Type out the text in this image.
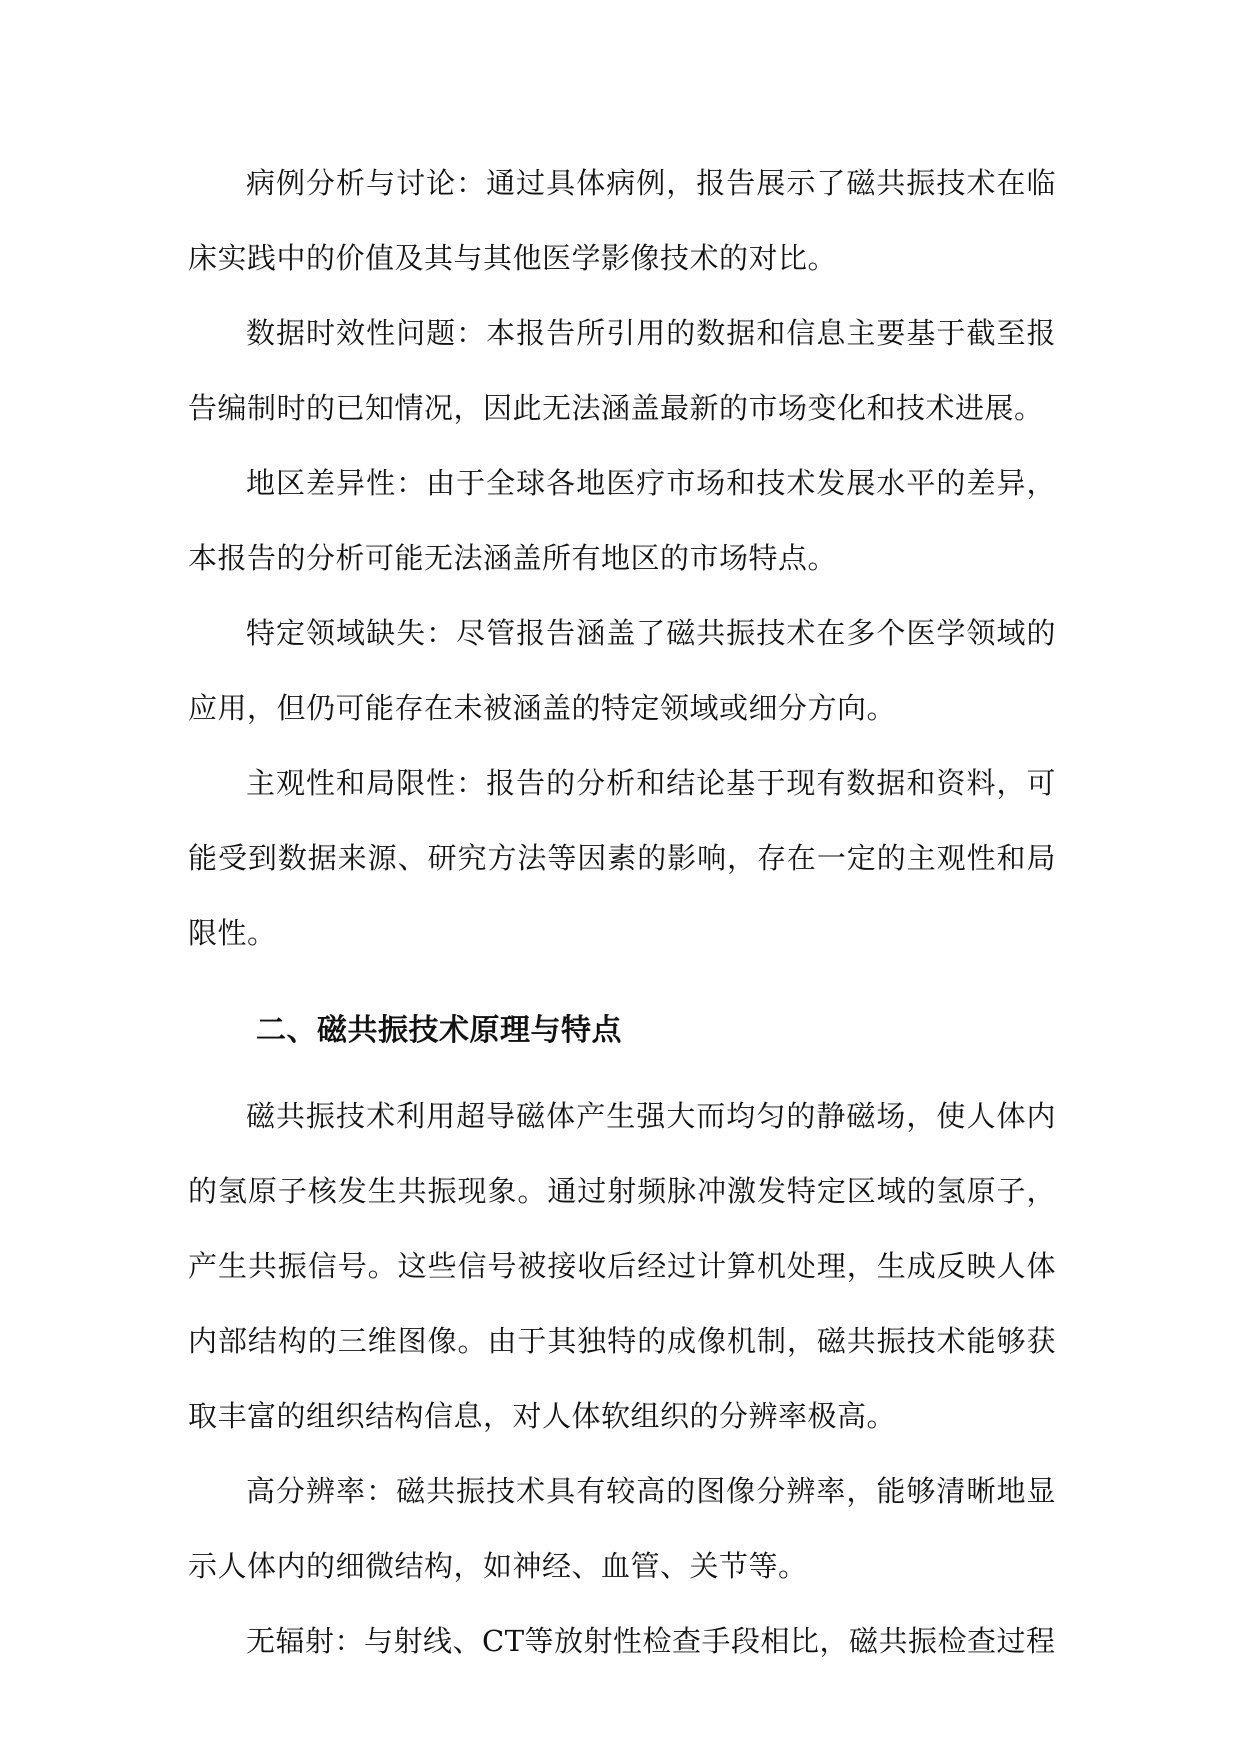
病例分析与讨论：通过具体病例，报告展示了磁共振技术在临床实践中的价值及其与其他医学影像技术的对比。

数据时效性问题：本报告所引用的数据和信息主要基于截至报告编制时的已知情况，因此无法涵盖最新的市场变化和技术进展。

地区差异性：由于全球各地医疗市场和技术发展水平的差异，本报告的分析可能无法涵盖所有地区的市场特点。

特定领域缺失：尽管报告涵盖了磁共振技术在多个医学领域的应用，但仍可能存在未被涵盖的特定领域或细分方向。

主观性和局限性：报告的分析和结论基于现有数据和资料，可能受到数据来源、研究方法等因素的影响，存在一定的主观性和局限性。

二、磁共振技术原理与特点

磁共振技术利用超导磁体产生强大而均匀的静磁场，使人体内的氢原子核发生共振现象。通过射频脉冲激发特定区域的氢原子，产生共振信号。这些信号被接收后经过计算机处理，生成反映人体内部结构的三维图像。由于其独特的成像机制，磁共振技术能够获取丰富的组织结构信息，对人体软组织的分辨率极高。

高分辨率：磁共振技术具有较高的图像分辨率，能够清晰地显示人体内的细微结构，如神经、血管、关节等。

无辐射：与射线、CT等放射性检查手段相比，磁共振检查过程
